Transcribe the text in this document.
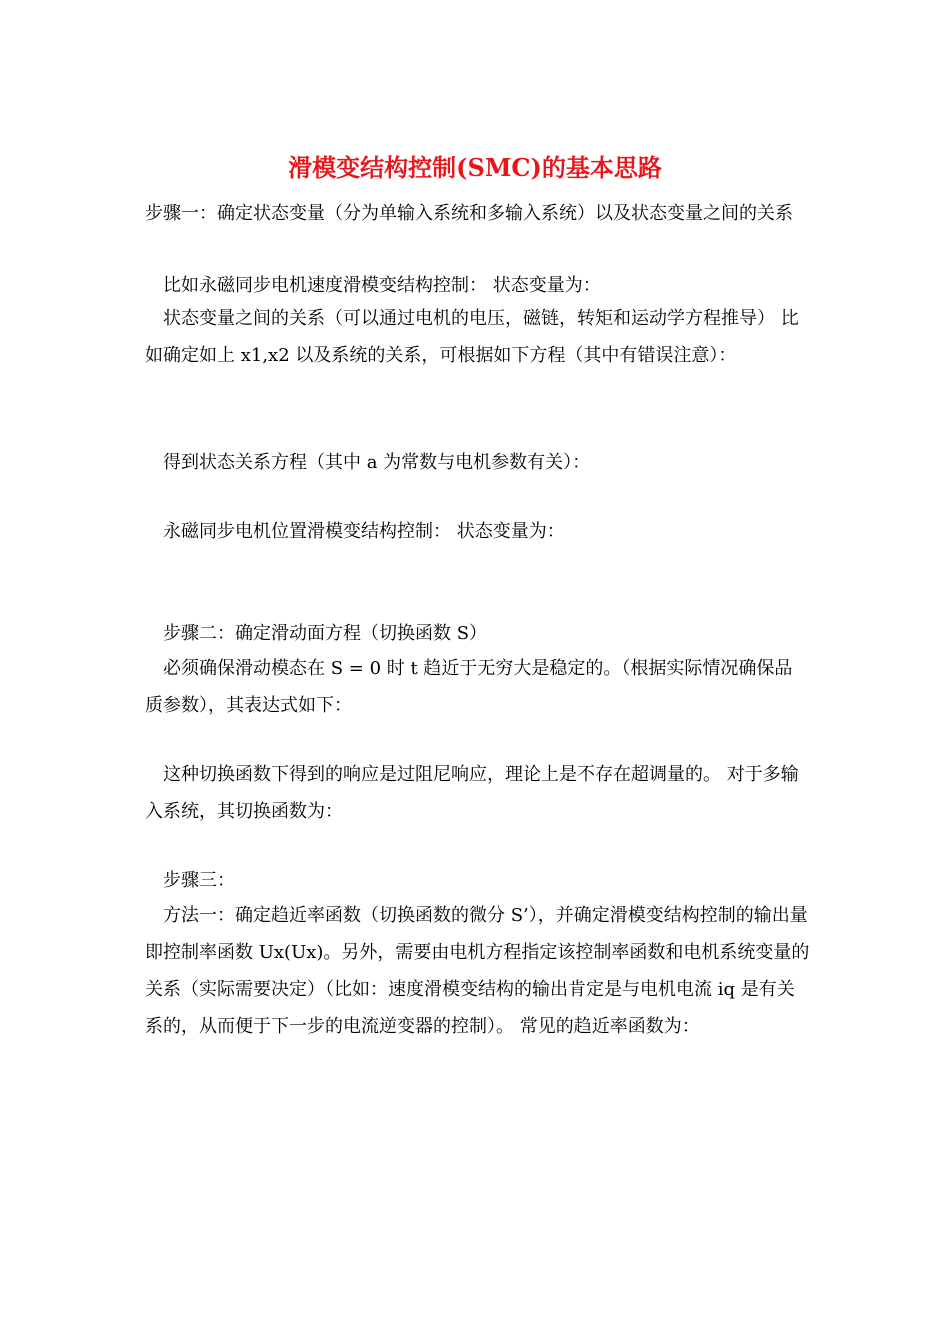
滑模变结构控制(SMC)的基本思路

步骤一：确定状态变量（分为单输入系统和多输入系统）以及状态变量之间的关系

比如永磁同步电机速度滑模变结构控制： 状态变量为：

状态变量之间的关系（可以通过电机的电压，磁链，转矩和运动学方程推导） 比如确定如上 x1,x2 以及系统的关系，可根据如下方程（其中有错误注意）：

得到状态关系方程（其中 a 为常数与电机参数有关）：

永磁同步电机位置滑模变结构控制： 状态变量为：

步骤二：确定滑动面方程（切换函数 S）

必须确保滑动模态在 S = 0 时 t 趋近于无穷大是稳定的。（根据实际情况确保品质参数），其表达式如下：

这种切换函数下得到的响应是过阻尼响应，理论上是不存在超调量的。 对于多输入系统，其切换函数为：

步骤三：

方法一：确定趋近率函数（切换函数的微分 S’），并确定滑模变结构控制的输出量即控制率函数 Ux(Ux)。另外，需要由电机方程指定该控制率函数和电机系统变量的关系（实际需要决定）（比如：速度滑模变结构的输出肯定是与电机电流 iq 是有关系的，从而便于下一步的电流逆变器的控制）。 常见的趋近率函数为：
